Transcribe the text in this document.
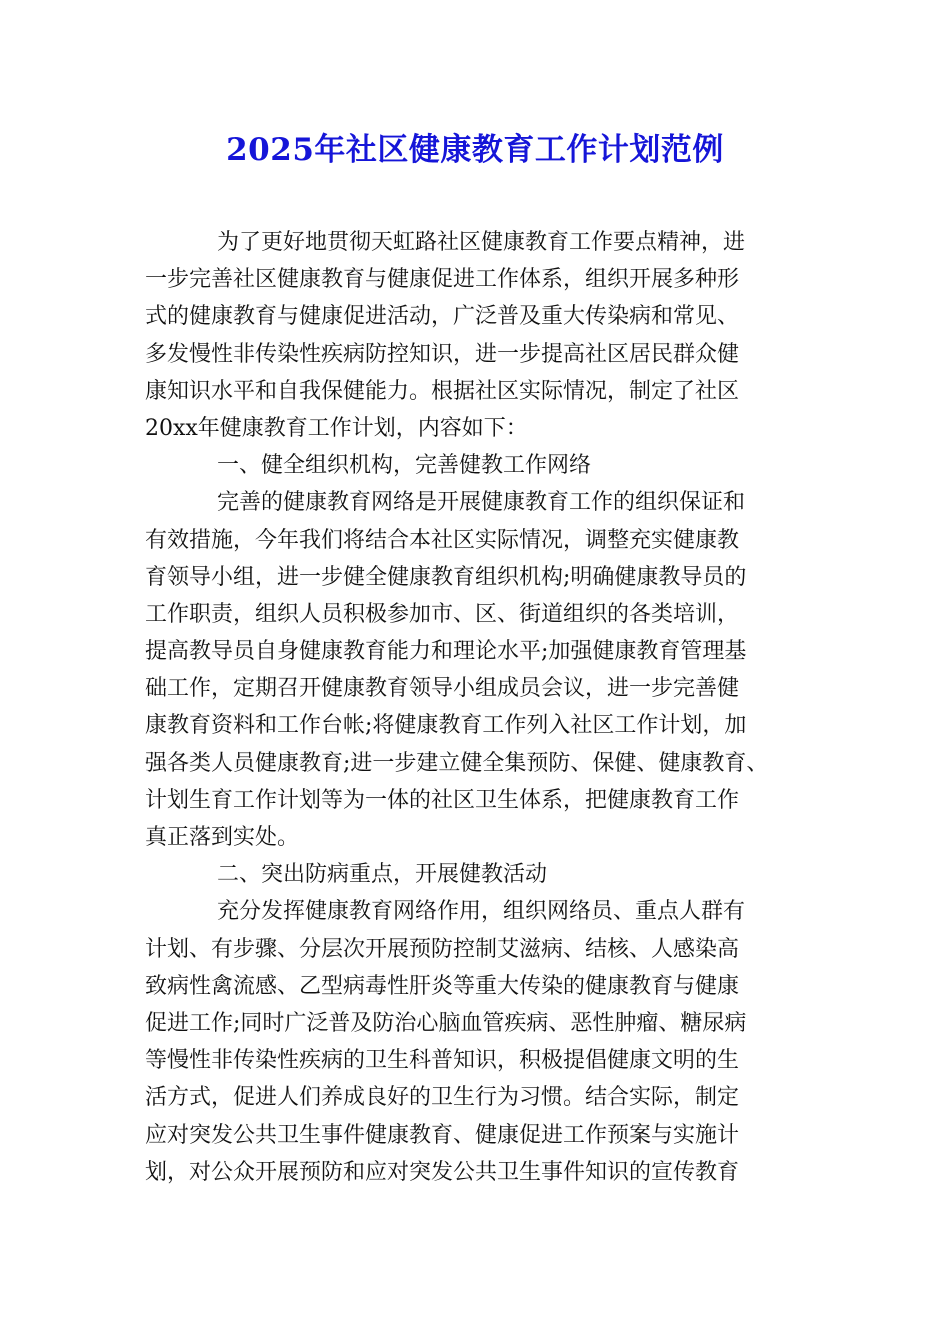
2025年社区健康教育工作计划范例
为了更好地贯彻天虹路社区健康教育工作要点精神，进
一步完善社区健康教育与健康促进工作体系，组织开展多种形
式的健康教育与健康促进活动，广泛普及重大传染病和常见、
多发慢性非传染性疾病防控知识，进一步提高社区居民群众健
康知识水平和自我保健能力。根据社区实际情况，制定了社区
20xx年健康教育工作计划，内容如下：
一、健全组织机构，完善健教工作网络
完善的健康教育网络是开展健康教育工作的组织保证和
有效措施，今年我们将结合本社区实际情况，调整充实健康教
育领导小组，进一步健全健康教育组织机构;明确健康教导员的
工作职责，组织人员积极参加市、区、街道组织的各类培训，
提高教导员自身健康教育能力和理论水平;加强健康教育管理基
础工作，定期召开健康教育领导小组成员会议，进一步完善健
康教育资料和工作台帐;将健康教育工作列入社区工作计划，加
强各类人员健康教育;进一步建立健全集预防、保健、健康教育、
计划生育工作计划等为一体的社区卫生体系，把健康教育工作
真正落到实处。
二、突出防病重点，开展健教活动
充分发挥健康教育网络作用，组织网络员、重点人群有
计划、有步骤、分层次开展预防控制艾滋病、结核、人感染高
致病性禽流感、乙型病毒性肝炎等重大传染的健康教育与健康
促进工作;同时广泛普及防治心脑血管疾病、恶性肿瘤、糖尿病
等慢性非传染性疾病的卫生科普知识，积极提倡健康文明的生
活方式，促进人们养成良好的卫生行为习惯。结合实际，制定
应对突发公共卫生事件健康教育、健康促进工作预案与实施计
划，对公众开展预防和应对突发公共卫生事件知识的宣传教育
